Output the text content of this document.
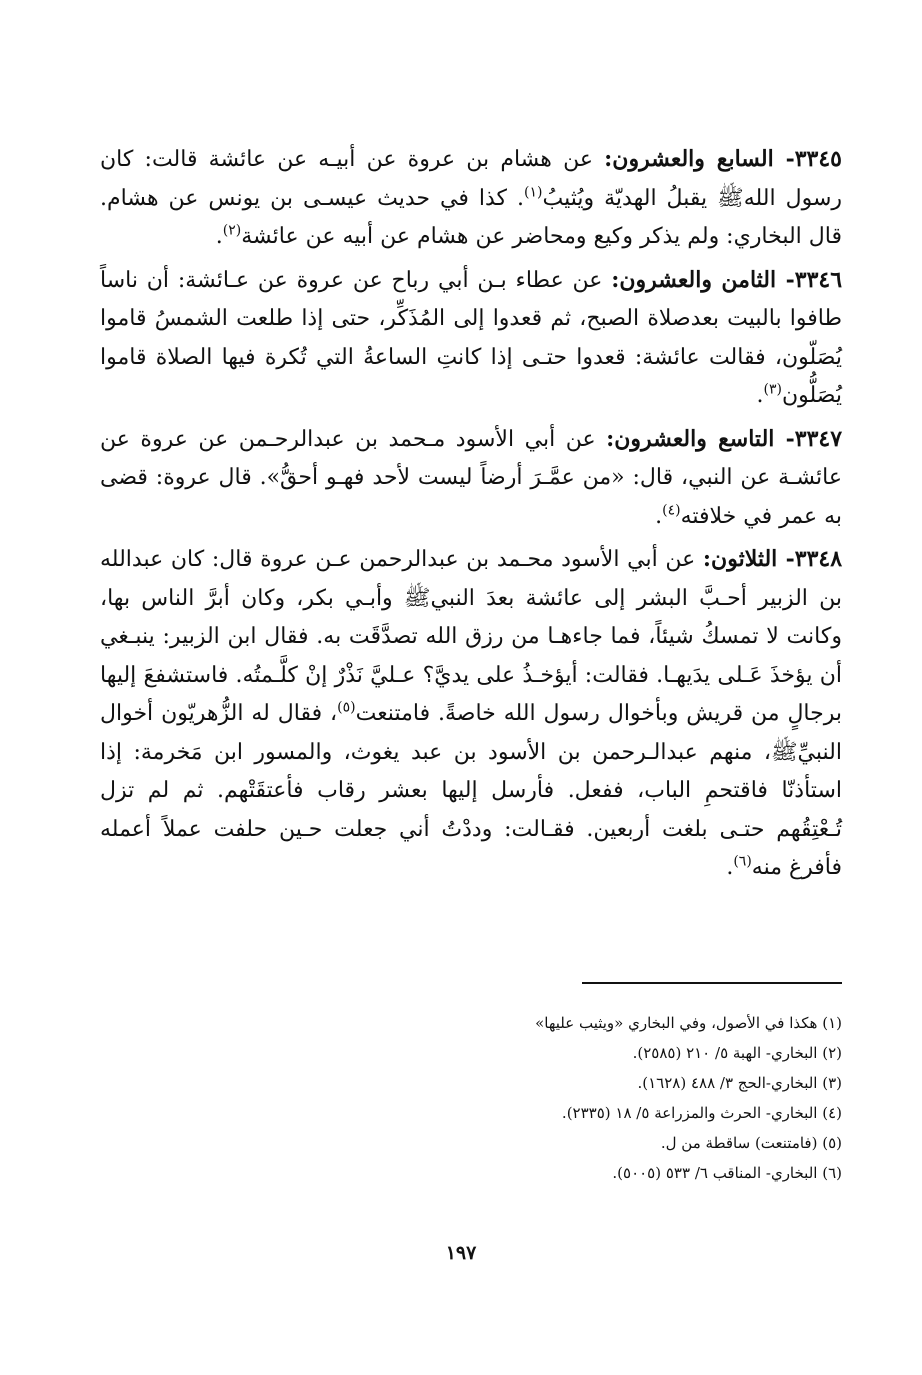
٣٣٤٥- السابع والعشرون: عن هشام بن عروة عن أبيـه عن عائشة قالت: كان رسول اللهﷺ يقبلُ الهديّة ويُثيبُ$^{(١)}$. كذا في حديث عيسـى بن يونس عن هشام. قال البخاري: ولم يذكر وكيع ومحاضر عن هشام عن أبيه عن عائشة$^{(٢)}$.

٣٣٤٦- الثامن والعشرون: عن عطاء بـن أبي رباح عن عروة عن عـائشة: أن ناساً طافوا بالبيت بعدصلاة الصبح، ثم قعدوا إلى المُذَكِّر، حتى إذا طلعت الشمسُ قاموا يُصَلّون، فقالت عائشة: قعدوا حتـى إذا كانتِ الساعةُ التي تُكرة فيها الصلاة قاموا يُصَلُّون$^{(٣)}$.

٣٣٤٧- التاسع والعشرون: عن أبي الأسود مـحمد بن عبدالرحـمن عن عروة عن عائشـة عن النبي، قال: «من عمَّـرَ أرضاً ليست لأحد فهـو أحقُّ». قال عروة: قضى به عمر في خلافته$^{(٤)}$.

٣٣٤٨- الثلاثون: عن أبي الأسود محـمد بن عبدالرحمن عـن عروة قال: كان عبدالله بن الزبير أحـبَّ البشر إلى عائشة بعدَ النبيﷺ وأبـي بكر، وكان أبرَّ الناس بها، وكانت لا تمسكُ شيئاً، فما جاءهـا من رزق الله تصدَّقَت به. فقال ابن الزبير: ينبـغي أن يؤخذَ عَـلى يدَيهـا. فقالت: أيؤخـذُ على يديَّ؟ عـليَّ نَذْرٌ إنْ كلَّـمتُه. فاستشفعَ إليها برجالٍ من قريش وبأخوال رسول الله خاصةً. فامتنعت$^{(٥)}$، فقال له الزُّهريّون أخوال النبيِّﷺ، منهم عبدالـرحمن بن الأسود بن عبد يغوث، والمسور ابن مَخرمة: إذا استأذنّا فاقتحمِ الباب، ففعل. فأرسل إليها بعشر رقاب فأعتقَتْهم. ثم لم تزل تُـعْتِقُهم حتـى بلغت أربعين. فقـالت: وددْتُ أني جعلت حـين حلفت عملاً أعمله فأفرغ منه$^{(٦)}$.

(١) هكذا في الأصول، وفي البخاري «ويثيب عليها»

(٢) البخاري- الهبة ٥/ ٢١٠ (٢٥٨٥).

(٣) البخاري-الحج ٣/ ٤٨٨ (١٦٢٨).

(٤) البخاري- الحرث والمزراعة ٥/ ١٨ (٢٣٣٥).

(٥) (فامتنعت) ساقطة من ل.

(٦) البخاري- المناقب ٦/ ٥٣٣ (٥٠٠٥).

١٩٧
